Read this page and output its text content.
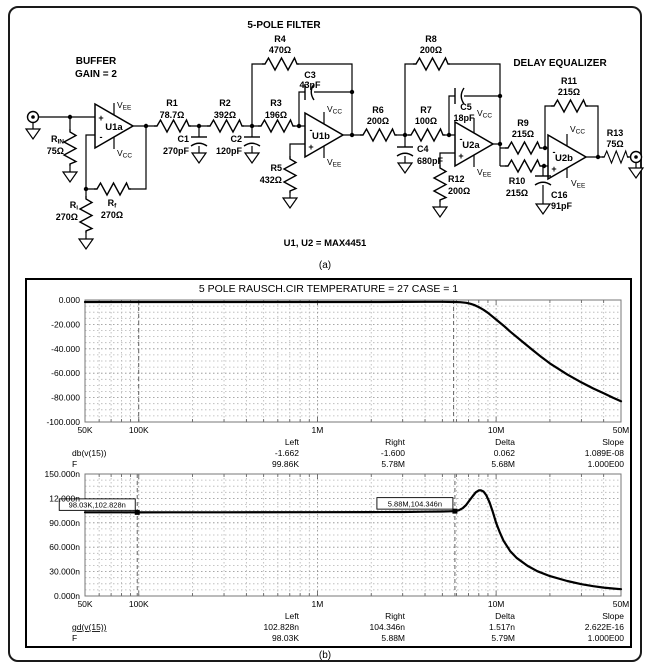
BUFFER
GAIN = 2
5-POLE FILTER
DELAY EQUALIZER
+
-
U1a
VEE
VCC
-
+
U1b
VCC
VEE
-
+
U2a
VCC
VEE
-
+
U2b
VCC
VEE
RIN
75Ω
Ri
270Ω
Rf
270Ω
R1
78.7Ω
R2
392Ω
R3
196Ω
R4
470Ω
R5
432Ω
R6
200Ω
R7
100Ω
R8
200Ω
R12
200Ω
R9
215Ω
R10
215Ω
R11
215Ω
R13
75Ω
C1
270pF
C2
120pF
C3
43pF
C4
680pF
C5
18pF
C16
91pF
U1, U2 = MAX4451
(a)
5 POLE RAUSCH.CIR TEMPERATURE = 27 CASE = 1
0.000
-20.000
-40.000
-60.000
-80.000
-100.000
50K	100K	1M	10M	50M
Left	Right	Delta	Slope
db(v(15))	-1.662	-1.600	0.062	1.089E-08
F	99.86K	5.78M	5.68M	1.000E00
98.03K,102.828n	5.88M,104.346n
150.000n
12.000n
90.000n
60.000n
30.000n
0.000n
50K	100K	1M	10M	50M
Left	Right	Delta	Slope
gd(v(15))	102.828n	104.346n	1.517n	2.622E-16
F	98.03K	5.88M	5.79M	1.000E00
(b)
